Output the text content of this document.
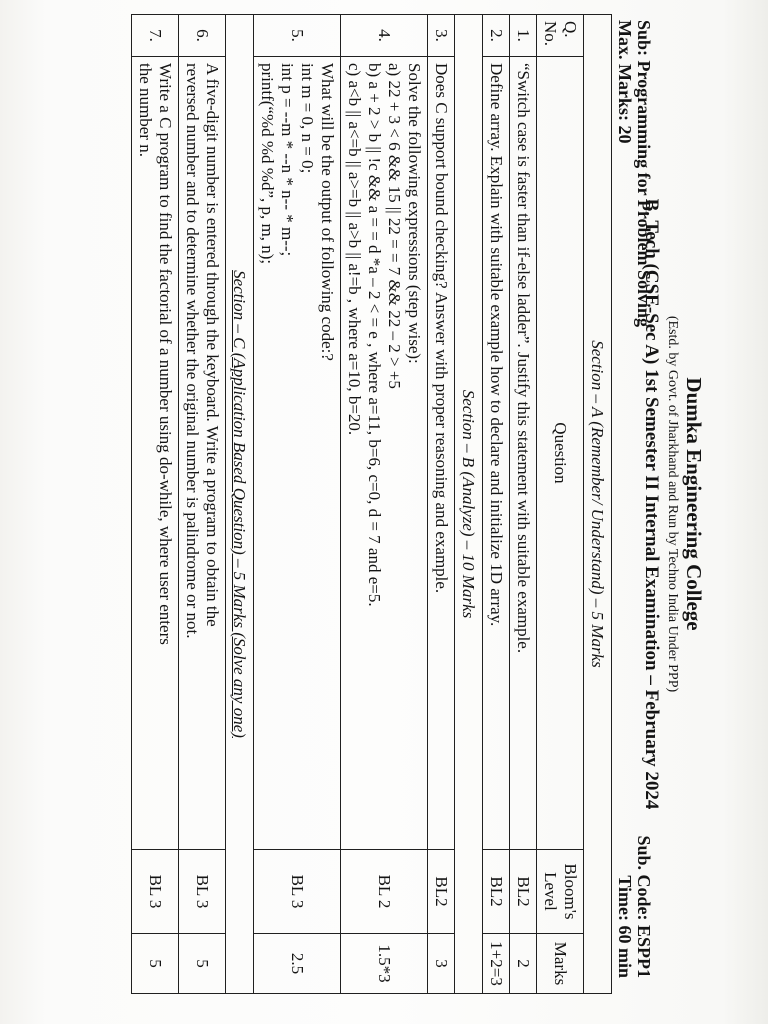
Dumka Engineering College
(Estd. by Govt. of Jharkhand and Run by Techno India Under PPP)
B. Tech (CSE-Sec A) 1st Semester II Internal Examination – February 2024
Sub: Programming for Problem Solving
Max. Marks: 20
Sub. Code: ESPP1
Time: 60 min
Section – A (Remember/ Understand) – 5 Marks			
Q. No.	Question	Bloom's Level	Marks
1.	“Switch case is faster than if-else ladder”. Justify this statement with suitable example.	BL2	2
2.	Define array. Explain with suitable example how to declare and initialize 1D array.	BL2	1+2=3
Section – B (Analyze) – 10 Marks			
3.	Does C support bound checking? Answer with proper reasoning and example.	BL2	3
4.	Solve the following expressions (step wise):
a) 22 + 3 < 6 && 15 || 22 = = 7 && 22 – 2 > +5
b) a + 2 > b || !c && a = = d *a – 2 < = e , where a=11, b=6, c=0, d = 7 and e=5.
c) a<b || a<=b || a>=b || a>b || a!=b , where a=10, b=20.	BL 2	1.5*3
5.	What will be the output of following code:?
int m = 0, n = 0;
int p = --m * --n * n-- * m--;
printf(“%d %d %d”, p, m, n);	BL 3	2.5
Section – C (Application Based Question) – 5 Marks (Solve any one)			
6.	A five-digit number is entered through the keyboard. Write a program to obtain the
reversed number and to determine whether the original number is palindrome or not.	BL 3	5
7.	Write a C program to find the factorial of a number using do-while, where user enters
the number n.	BL 3	5
